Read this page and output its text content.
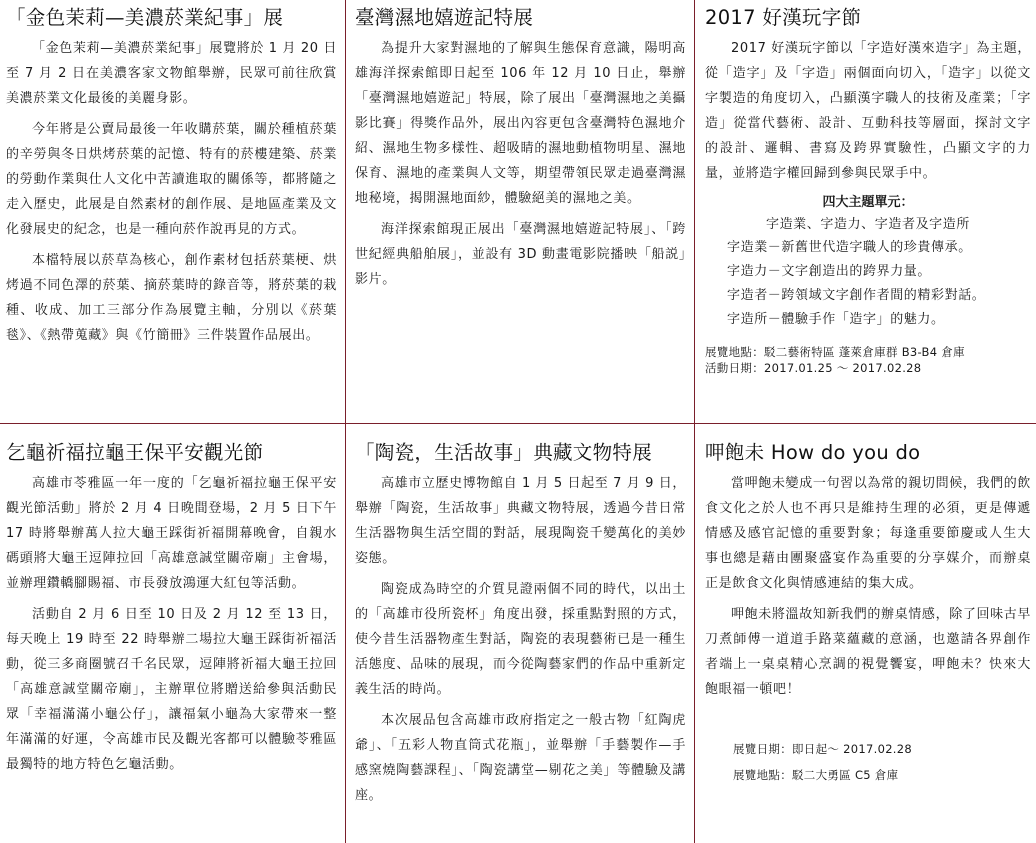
「金色茉莉—美濃菸業紀事」展

「金色茉莉—美濃菸業紀事」展覽將於 1 月 20 日至 7 月 2 日在美濃客家文物館舉辦，民眾可前往欣賞美濃菸業文化最後的美麗身影。

今年將是公賣局最後一年收購菸葉，關於種植菸葉的辛勞與冬日烘烤菸葉的記憶、特有的菸樓建築、菸業的勞動作業與仕人文化中苦讀進取的關係等，都將隨之走入歷史，此展是自然素材的創作展、是地區產業及文化發展史的紀念，也是一種向菸作說再見的方式。

本檔特展以菸草為核心，創作素材包括菸葉梗、烘烤過不同色澤的菸葉、摘菸葉時的錄音等，將菸葉的栽種、收成、加工三部分作為展覽主軸，分別以《菸葉毯》、《熱帶蒐藏》與《竹簡冊》三件裝置作品展出。

臺灣濕地嬉遊記特展

為提升大家對濕地的了解與生態保育意識，陽明高雄海洋探索館即日起至 106 年 12 月 10 日止，舉辦「臺灣濕地嬉遊記」特展，除了展出「臺灣濕地之美攝影比賽」得獎作品外，展出內容更包含臺灣特色濕地介紹、濕地生物多樣性、超吸睛的濕地動植物明星、濕地保育、濕地的產業與人文等，期望帶領民眾走過臺灣濕地秘境，揭開濕地面紗，體驗絕美的濕地之美。

海洋探索館現正展出「臺灣濕地嬉遊記特展」、「跨世紀經典船舶展」，並設有 3D 動畫電影院播映「船説」影片。

2017 好漢玩字節

2017 好漢玩字節以「字造好漢來造字」為主題，從「造字」及「字造」兩個面向切入，「造字」以從文字製造的角度切入，凸顯漢字職人的技術及產業；「字造」從當代藝術、設計、互動科技等層面，探討文字的設計、邏輯、書寫及跨界實驗性，凸顯文字的力量，並將造字權回歸到參與民眾手中。

四大主題單元：

字造業、字造力、字造者及字造所

字造業－新舊世代造字職人的珍貴傳承。

字造力－文字創造出的跨界力量。

字造者－跨領域文字創作者間的精彩對話。

字造所－體驗手作「造字」的魅力。

展覽地點：駁二藝術特區 蓬萊倉庫群 B3-B4 倉庫

活動日期：2017.01.25 ～ 2017.02.28

乞龜祈福拉龜王保平安觀光節

高雄市苓雅區一年一度的「乞龜祈福拉龜王保平安觀光節活動」將於 2 月 4 日晚間登場，2 月 5 日下午 17 時將舉辦萬人拉大龜王踩街祈福開幕晚會，自親水碼頭將大龜王逗陣拉回「高雄意誠堂關帝廟」主會場，並辦理鑽轎腳賜福、市長發放鴻運大紅包等活動。

活動自 2 月 6 日至 10 日及 2 月 12 至 13 日，每天晚上 19 時至 22 時舉辦二場拉大龜王踩街祈福活動，從三多商圈號召千名民眾，逗陣將祈福大龜王拉回「高雄意誠堂關帝廟」，主辦單位將贈送給參與活動民眾「幸福滿滿小龜公仔」，讓福氣小龜為大家帶來一整年滿滿的好運，令高雄市民及觀光客都可以體驗苓雅區最獨特的地方特色乞龜活動。

「陶瓷，生活故事」典藏文物特展

高雄市立歷史博物館自 1 月 5 日起至 7 月 9 日，舉辦「陶瓷，生活故事」典藏文物特展，透過今昔日常生活器物與生活空間的對話，展現陶瓷千變萬化的美妙姿態。

陶瓷成為時空的介質見證兩個不同的時代，以出土的「高雄市役所瓷杯」角度出發，採重點對照的方式，使今昔生活器物產生對話，陶瓷的表現藝術已是一種生活態度、品味的展現，而今從陶藝家們的作品中重新定義生活的時尚。

本次展品包含高雄市政府指定之一般古物「紅陶虎爺」、「五彩人物直筒式花瓶」，並舉辦「手藝製作—手感窯燒陶藝課程」、「陶瓷講堂—剔花之美」等體驗及講座。

呷飽未 How do you do

當呷飽未變成一句習以為常的親切問候，我們的飲食文化之於人也不再只是維持生理的必須，更是傳遞情感及感官記憶的重要對象；每逢重要節慶或人生大事也總是藉由團聚盛宴作為重要的分享媒介，而辦桌正是飲食文化與情感連結的集大成。

呷飽未將溫故知新我們的辦桌情感，除了回味古早刀煮師傅一道道手路菜蘊藏的意涵，也邀請各界創作者端上一桌桌精心烹調的視覺饗宴，呷飽未？快來大飽眼福一頓吧！

展覽日期：即日起～ 2017.02.28

展覽地點：駁二大勇區 C5 倉庫
